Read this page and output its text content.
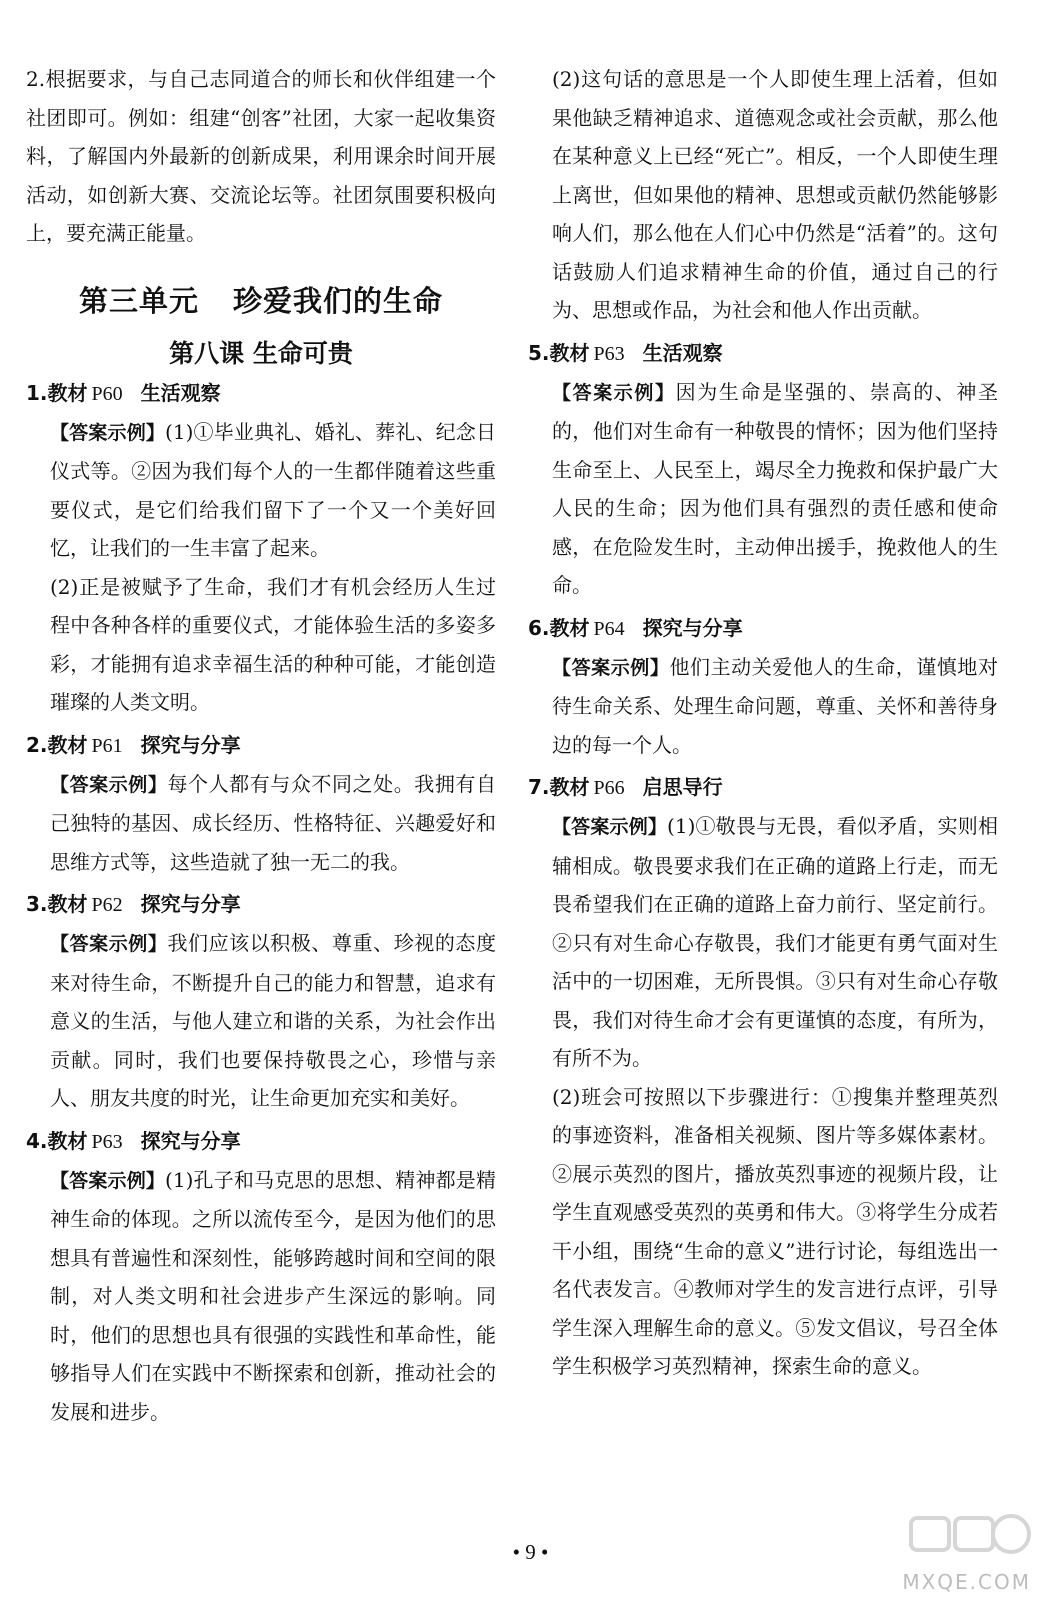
2.根据要求，与自己志同道合的师长和伙伴组建一个社团即可。例如：组建“创客”社团，大家一起收集资料，了解国内外最新的创新成果，利用课余时间开展活动，如创新大赛、交流论坛等。社团氛围要积极向上，要充满正能量。

第三单元 珍爱我们的生命
第八课 生命可贵
1.教材 P60 生活观察

【答案示例】(1)①毕业典礼、婚礼、葬礼、纪念日仪式等。②因为我们每个人的一生都伴随着这些重要仪式，是它们给我们留下了一个又一个美好回忆，让我们的一生丰富了起来。

(2)正是被赋予了生命，我们才有机会经历人生过程中各种各样的重要仪式，才能体验生活的多姿多彩，才能拥有追求幸福生活的种种可能，才能创造璀璨的人类文明。

2.教材 P61 探究与分享

【答案示例】每个人都有与众不同之处。我拥有自己独特的基因、成长经历、性格特征、兴趣爱好和思维方式等，这些造就了独一无二的我。

3.教材 P62 探究与分享

【答案示例】我们应该以积极、尊重、珍视的态度来对待生命，不断提升自己的能力和智慧，追求有意义的生活，与他人建立和谐的关系，为社会作出贡献。同时，我们也要保持敬畏之心，珍惜与亲人、朋友共度的时光，让生命更加充实和美好。

4.教材 P63 探究与分享

【答案示例】(1)孔子和马克思的思想、精神都是精神生命的体现。之所以流传至今，是因为他们的思想具有普遍性和深刻性，能够跨越时间和空间的限制，对人类文明和社会进步产生深远的影响。同时，他们的思想也具有很强的实践性和革命性，能够指导人们在实践中不断探索和创新，推动社会的发展和进步。

(2)这句话的意思是一个人即使生理上活着，但如果他缺乏精神追求、道德观念或社会贡献，那么他在某种意义上已经“死亡”。相反，一个人即使生理上离世，但如果他的精神、思想或贡献仍然能够影响人们，那么他在人们心中仍然是“活着”的。这句话鼓励人们追求精神生命的价值，通过自己的行为、思想或作品，为社会和他人作出贡献。

5.教材 P63 生活观察

【答案示例】因为生命是坚强的、崇高的、神圣的，他们对生命有一种敬畏的情怀；因为他们坚持生命至上、人民至上，竭尽全力挽救和保护最广大人民的生命；因为他们具有强烈的责任感和使命感，在危险发生时，主动伸出援手，挽救他人的生命。

6.教材 P64 探究与分享

【答案示例】他们主动关爱他人的生命，谨慎地对待生命关系、处理生命问题，尊重、关怀和善待身边的每一个人。

7.教材 P66 启思导行

【答案示例】(1)①敬畏与无畏，看似矛盾，实则相辅相成。敬畏要求我们在正确的道路上行走，而无畏希望我们在正确的道路上奋力前行、坚定前行。②只有对生命心存敬畏，我们才能更有勇气面对生活中的一切困难，无所畏惧。③只有对生命心存敬畏，我们对待生命才会有更谨慎的态度，有所为，有所不为。

(2)班会可按照以下步骤进行：①搜集并整理英烈的事迹资料，准备相关视频、图片等多媒体素材。②展示英烈的图片，播放英烈事迹的视频片段，让学生直观感受英烈的英勇和伟大。③将学生分成若干小组，围绕“生命的意义”进行讨论，每组选出一名代表发言。④教师对学生的发言进行点评，引导学生深入理解生命的意义。⑤发文倡议，号召全体学生积极学习英烈精神，探索生命的意义。

• 9 •
MXQE.COM
